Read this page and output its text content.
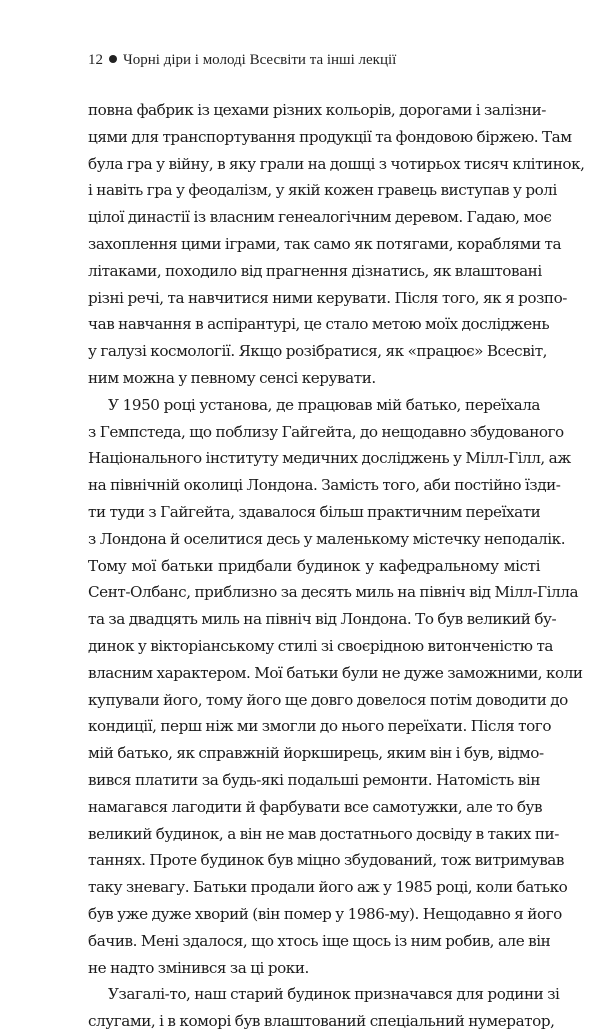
12 Чорні діри і молоді Всесвіти та інші лекції
повна фабрик із цехами різних кольорів, дорогами і залізни-
цями для транспортування продукції та фондовою біржею. Там
була гра у війну, в яку грали на дошці з чотирьох тисяч клітинок,
і навіть гра у феодалізм, у якій кожен гравець виступав у ролі
цілої династії із власним генеалогічним деревом. Гадаю, моє
захоплення цими іграми, так само як потягами, кораблями та
літаками, походило від прагнення дізнатись, як влаштовані
різні речі, та навчитися ними керувати. Після того, як я розпо-
чав навчання в аспірантурі, це стало метою моїх досліджень
у галузі космології. Якщо розібратися, як «працює» Всесвіт,
ним можна у певному сенсі керувати.
У 1950 році установа, де працював мій батько, переїхала
з Гемпстеда, що поблизу Гайгейта, до нещодавно збудованого
Національного інституту медичних досліджень у Мілл-Гілл, аж
на північній околиці Лондона. Замість того, аби постійно їзди-
ти туди з Гайгейта, здавалося більш практичним переїхати
з Лондона й оселитися десь у маленькому містечку неподалік.
Тому мої батьки придбали будинок у кафедральному місті
Сент-Олбанс, приблизно за десять миль на північ від Мілл-Гілла
та за двадцять миль на північ від Лондона. То був великий бу-
динок у вікторіанському стилі зі своєрідною витонченістю та
власним характером. Мої батьки були не дуже заможними, коли
купували його, тому його ще довго довелося потім доводити до
кондиції, перш ніж ми змогли до нього переїхати. Після того
мій батько, як справжній йоркширець, яким він і був, відмо-
вився платити за будь-які подальші ремонти. Натомість він
намагався лагодити й фарбувати все самотужки, але то був
великий будинок, а він не мав достатнього досвіду в таких пи-
таннях. Проте будинок був міцно збудований, тож витримував
таку зневагу. Батьки продали його аж у 1985 році, коли батько
був уже дуже хворий (він помер у 1986-му). Нещодавно я його
бачив. Мені здалося, що хтось іще щось із ним робив, але він
не надто змінився за ці роки.
Узагалі-то, наш старий будинок призначався для родини зі
слугами, і в коморі був влаштований спеціальний нумератор,
